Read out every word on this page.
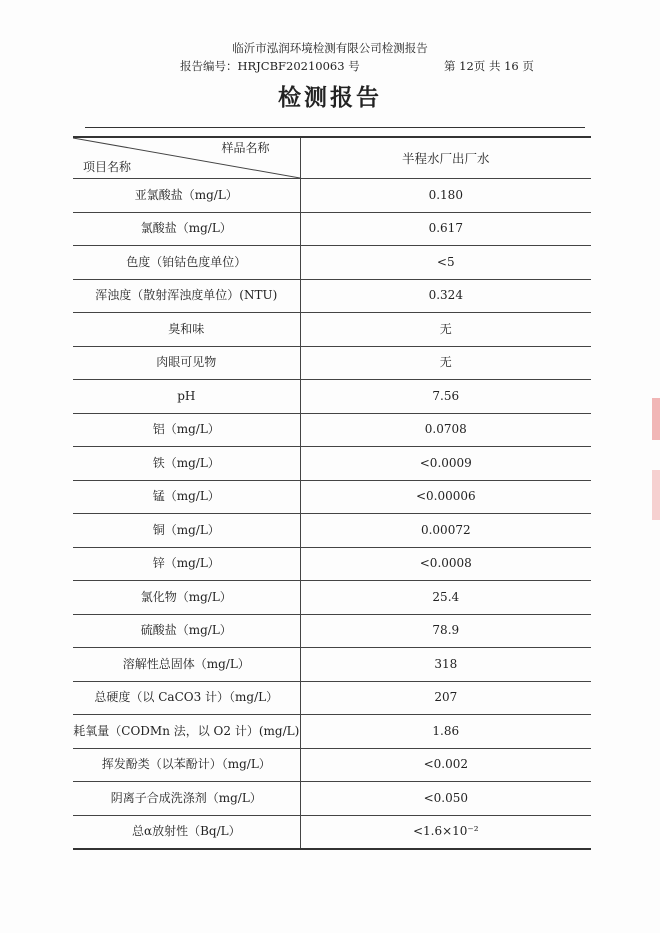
临沂市泓润环境检测有限公司检测报告
报告编号：HRJCBF20210063 号	第 12页 共 16 页
检测报告
样品名称
项目名称	半程水厂出厂水
亚氯酸盐（mg/L）	0.180
氯酸盐（mg/L）	0.617
色度（铂钴色度单位）	<5
浑浊度（散射浑浊度单位）(NTU)	0.324
臭和味	无
肉眼可见物	无
pH	7.56
铝（mg/L）	0.0708
铁（mg/L）	<0.0009
锰（mg/L）	<0.00006
铜（mg/L）	0.00072
锌（mg/L）	<0.0008
氯化物（mg/L）	25.4
硫酸盐（mg/L）	78.9
溶解性总固体（mg/L）	318
总硬度（以 CaCO3 计）（mg/L）	207
耗氧量（CODMn 法，以 O2 计）(mg/L)	1.86
挥发酚类（以苯酚计）（mg/L）	<0.002
阴离子合成洗涤剂（mg/L）	<0.050
总α放射性（Bq/L）	<1.6×10⁻²
